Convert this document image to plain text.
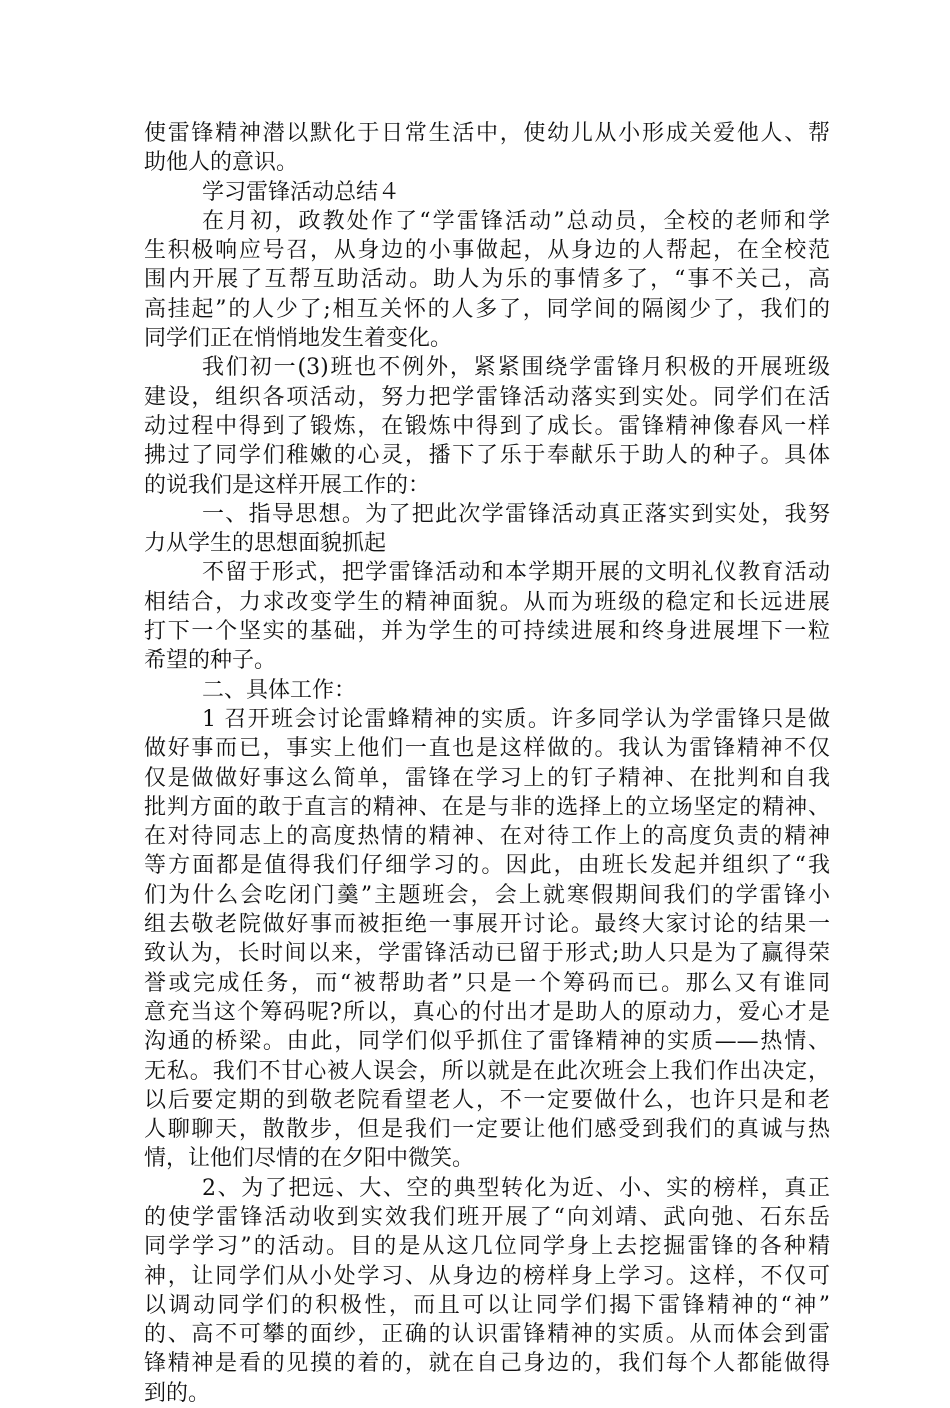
使雷锋精神潜以默化于日常生活中，使幼儿从小形成关爱他人、帮
助他人的意识。
学习雷锋活动总结４
在月初，政教处作了“学雷锋活动”总动员，全校的老师和学
生积极响应号召，从身边的小事做起，从身边的人帮起，在全校范
围内开展了互帮互助活动。助人为乐的事情多了，“事不关己，高
高挂起”的人少了;相互关怀的人多了，同学间的隔阂少了，我们的
同学们正在悄悄地发生着变化。
我们初一(3)班也不例外，紧紧围绕学雷锋月积极的开展班级
建设，组织各项活动，努力把学雷锋活动落实到实处。同学们在活
动过程中得到了锻炼，在锻炼中得到了成长。雷锋精神像春风一样
拂过了同学们稚嫩的心灵，播下了乐于奉献乐于助人的种子。具体
的说我们是这样开展工作的：
一、指导思想。为了把此次学雷锋活动真正落实到实处，我努
力从学生的思想面貌抓起
不留于形式，把学雷锋活动和本学期开展的文明礼仪教育活动
相结合，力求改变学生的精神面貌。从而为班级的稳定和长远进展
打下一个坚实的基础，并为学生的可持续进展和终身进展埋下一粒
希望的种子。
二、具体工作：
1 召开班会讨论雷蜂精神的实质。许多同学认为学雷锋只是做
做好事而已，事实上他们一直也是这样做的。我认为雷锋精神不仅
仅是做做好事这么简单，雷锋在学习上的钉子精神、在批判和自我
批判方面的敢于直言的精神、在是与非的选择上的立场坚定的精神、
在对待同志上的高度热情的精神、在对待工作上的高度负责的精神
等方面都是值得我们仔细学习的。因此，由班长发起并组织了“我
们为什么会吃闭门羹”主题班会，会上就寒假期间我们的学雷锋小
组去敬老院做好事而被拒绝一事展开讨论。最终大家讨论的结果一
致认为，长时间以来，学雷锋活动已留于形式;助人只是为了赢得荣
誉或完成任务，而“被帮助者”只是一个筹码而已。那么又有谁同
意充当这个筹码呢?所以，真心的付出才是助人的原动力，爱心才是
沟通的桥梁。由此，同学们似乎抓住了雷锋精神的实质——热情、
无私。我们不甘心被人误会，所以就是在此次班会上我们作出决定，
以后要定期的到敬老院看望老人，不一定要做什么，也许只是和老
人聊聊天，散散步，但是我们一定要让他们感受到我们的真诚与热
情，让他们尽情的在夕阳中微笑。
2、为了把远、大、空的典型转化为近、小、实的榜样，真正
的使学雷锋活动收到实效我们班开展了“向刘靖、武向弛、石东岳
同学学习”的活动。目的是从这几位同学身上去挖掘雷锋的各种精
神，让同学们从小处学习、从身边的榜样身上学习。这样，不仅可
以调动同学们的积极性，而且可以让同学们揭下雷锋精神的“神”
的、高不可攀的面纱，正确的认识雷锋精神的实质。从而体会到雷
锋精神是看的见摸的着的，就在自己身边的，我们每个人都能做得
到的。
